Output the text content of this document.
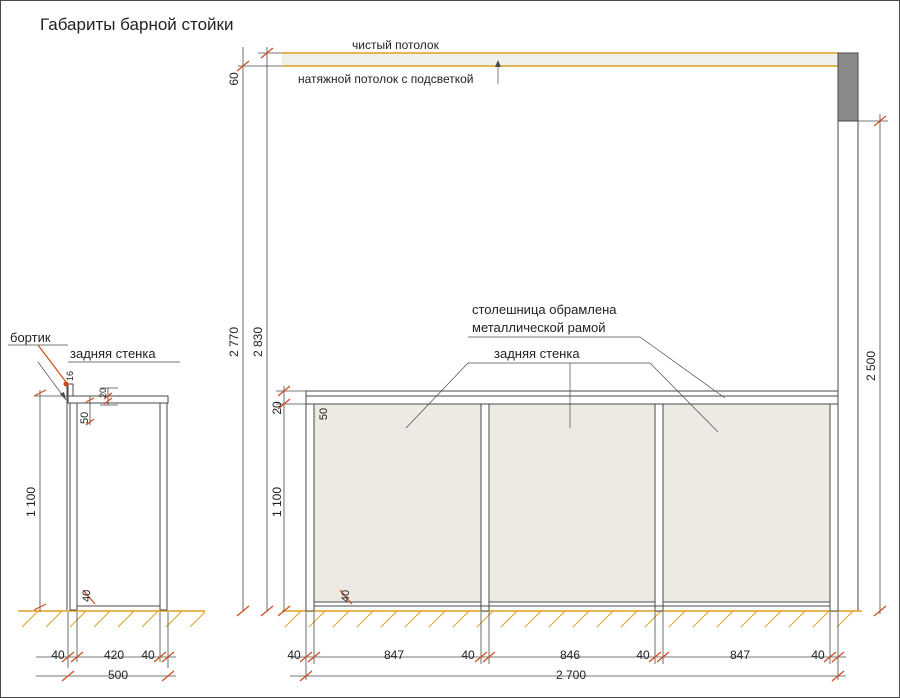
Габариты барной стойки
бортик
задняя стенка
1 100
16
20
50
40
40	420 40
500
чистый потолок
натяжной потолок с подсветкой
столешница обрамлена
металлической рамой
задняя стенка
60
2 770 2 830
20
1 100
50
40
2 500
40	847	40	846	40	847	40
2 700
